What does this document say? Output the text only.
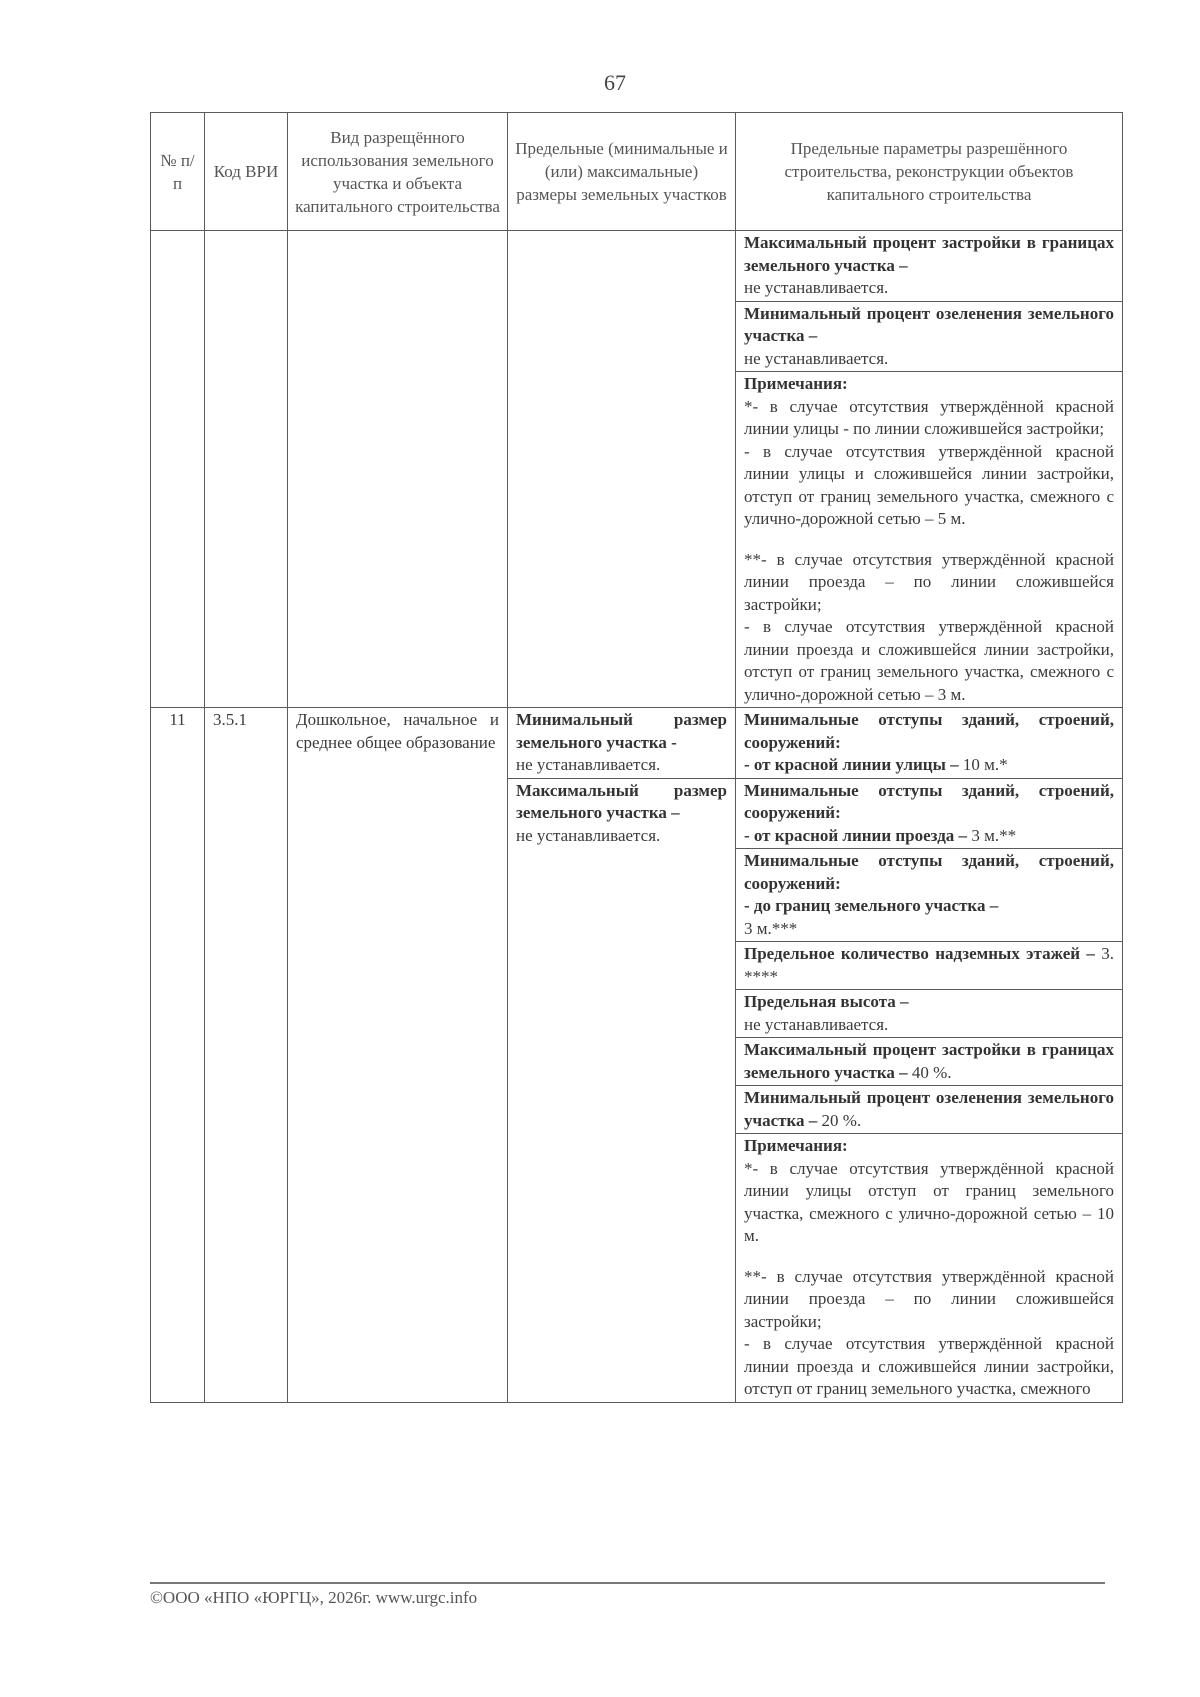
67
№ п/п	Код ВРИ	Вид разрещённого использования земельного участка и объекта капитального строительства	Предельные (минимальные и (или) максимальные) размеры земельных участков	Предельные параметры разрешённого строительства, реконструкции объектов капитального строительства
				Максимальный процент застройки в границах земельного участка –
не устанавливается.
				Минимальный процент озеленения земельного участка –
не устанавливается.

				Примечания:
*- в случае отсутствия утверждённой красной линии улицы - по линии сложившейся застройки;
- в случае отсутствия утверждённой красной линии улицы и сложившейся линии застройки, отступ от границ земельного участка, смежного с улично-дорожной сетью – 5 м.
**- в случае отсутствия утверждённой красной линии проезда – по линии сложившейся застройки;
- в случае отсутствия утверждённой красной линии проезда и сложившейся линии застройки, отступ от границ земельного участка, смежного с улично-дорожной сетью – 3 м.

11	3.5.1	Дошкольное, начальное и среднее общее образование	Минимальный размер земельного участка -
не устанавливается.	Минимальные отступы зданий, строений, сооружений:
- от красной линии улицы – 10 м.*
			Максимальный размер земельного участка –
не устанавливается.	Минимальные отступы зданий, строений, сооружений:
- от красной линии проезда – 3 м.**
				Минимальные отступы зданий, строений, сооружений:
- до границ земельного участка –
3 м.***
				Предельное количество надземных этажей – 3. ****
				Предельная высота –
не устанавливается.
				Максимальный процент застройки в границах земельного участка – 40 %.
				Минимальный процент озеленения земельного участка – 20 %.

				Примечания:
*- в случае отсутствия утверждённой красной линии улицы отступ от границ земельного участка, смежного с улично-дорожной сетью – 10 м.
**- в случае отсутствия утверждённой красной линии проезда – по линии сложившейся застройки;
- в случае отсутствия утверждённой красной линии проезда и сложившейся линии застройки, отступ от границ земельного участка, смежного
©ООО «НПО «ЮРГЦ», 2026г. www.urgc.info
